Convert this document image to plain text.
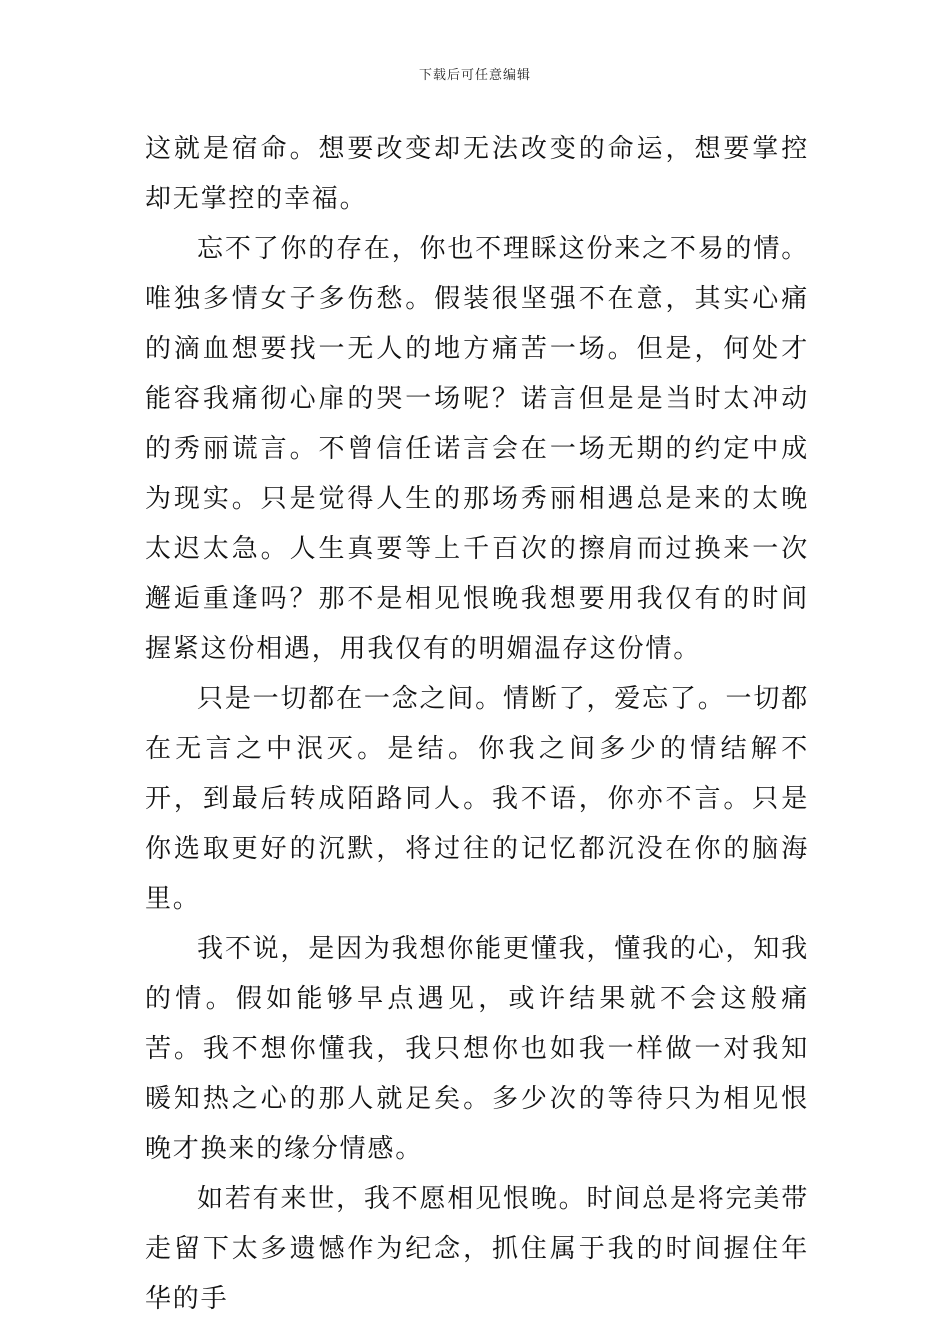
下载后可任意编辑

这就是宿命。想要改变却无法改变的命运，想要掌控却无掌控的幸福。

忘不了你的存在，你也不理睬这份来之不易的情。唯独多情女子多伤愁。假装很坚强不在意，其实心痛的滴血想要找一无人的地方痛苦一场。但是，何处才能容我痛彻心扉的哭一场呢？诺言但是是当时太冲动的秀丽谎言。不曾信任诺言会在一场无期的约定中成为现实。只是觉得人生的那场秀丽相遇总是来的太晚太迟太急。人生真要等上千百次的擦肩而过换来一次邂逅重逢吗？那不是相见恨晚我想要用我仅有的时间握紧这份相遇，用我仅有的明媚温存这份情。

只是一切都在一念之间。情断了，爱忘了。一切都在无言之中泯灭。是结。你我之间多少的情结解不开，到最后转成陌路同人。我不语，你亦不言。只是你选取更好的沉默，将过往的记忆都沉没在你的脑海里。

我不说，是因为我想你能更懂我，懂我的心，知我的情。假如能够早点遇见，或许结果就不会这般痛苦。我不想你懂我，我只想你也如我一样做一对我知暖知热之心的那人就足矣。多少次的等待只为相见恨晚才换来的缘分情感。

如若有来世，我不愿相见恨晚。时间总是将完美带走留下太多遗憾作为纪念，抓住属于我的时间握住年华的手
